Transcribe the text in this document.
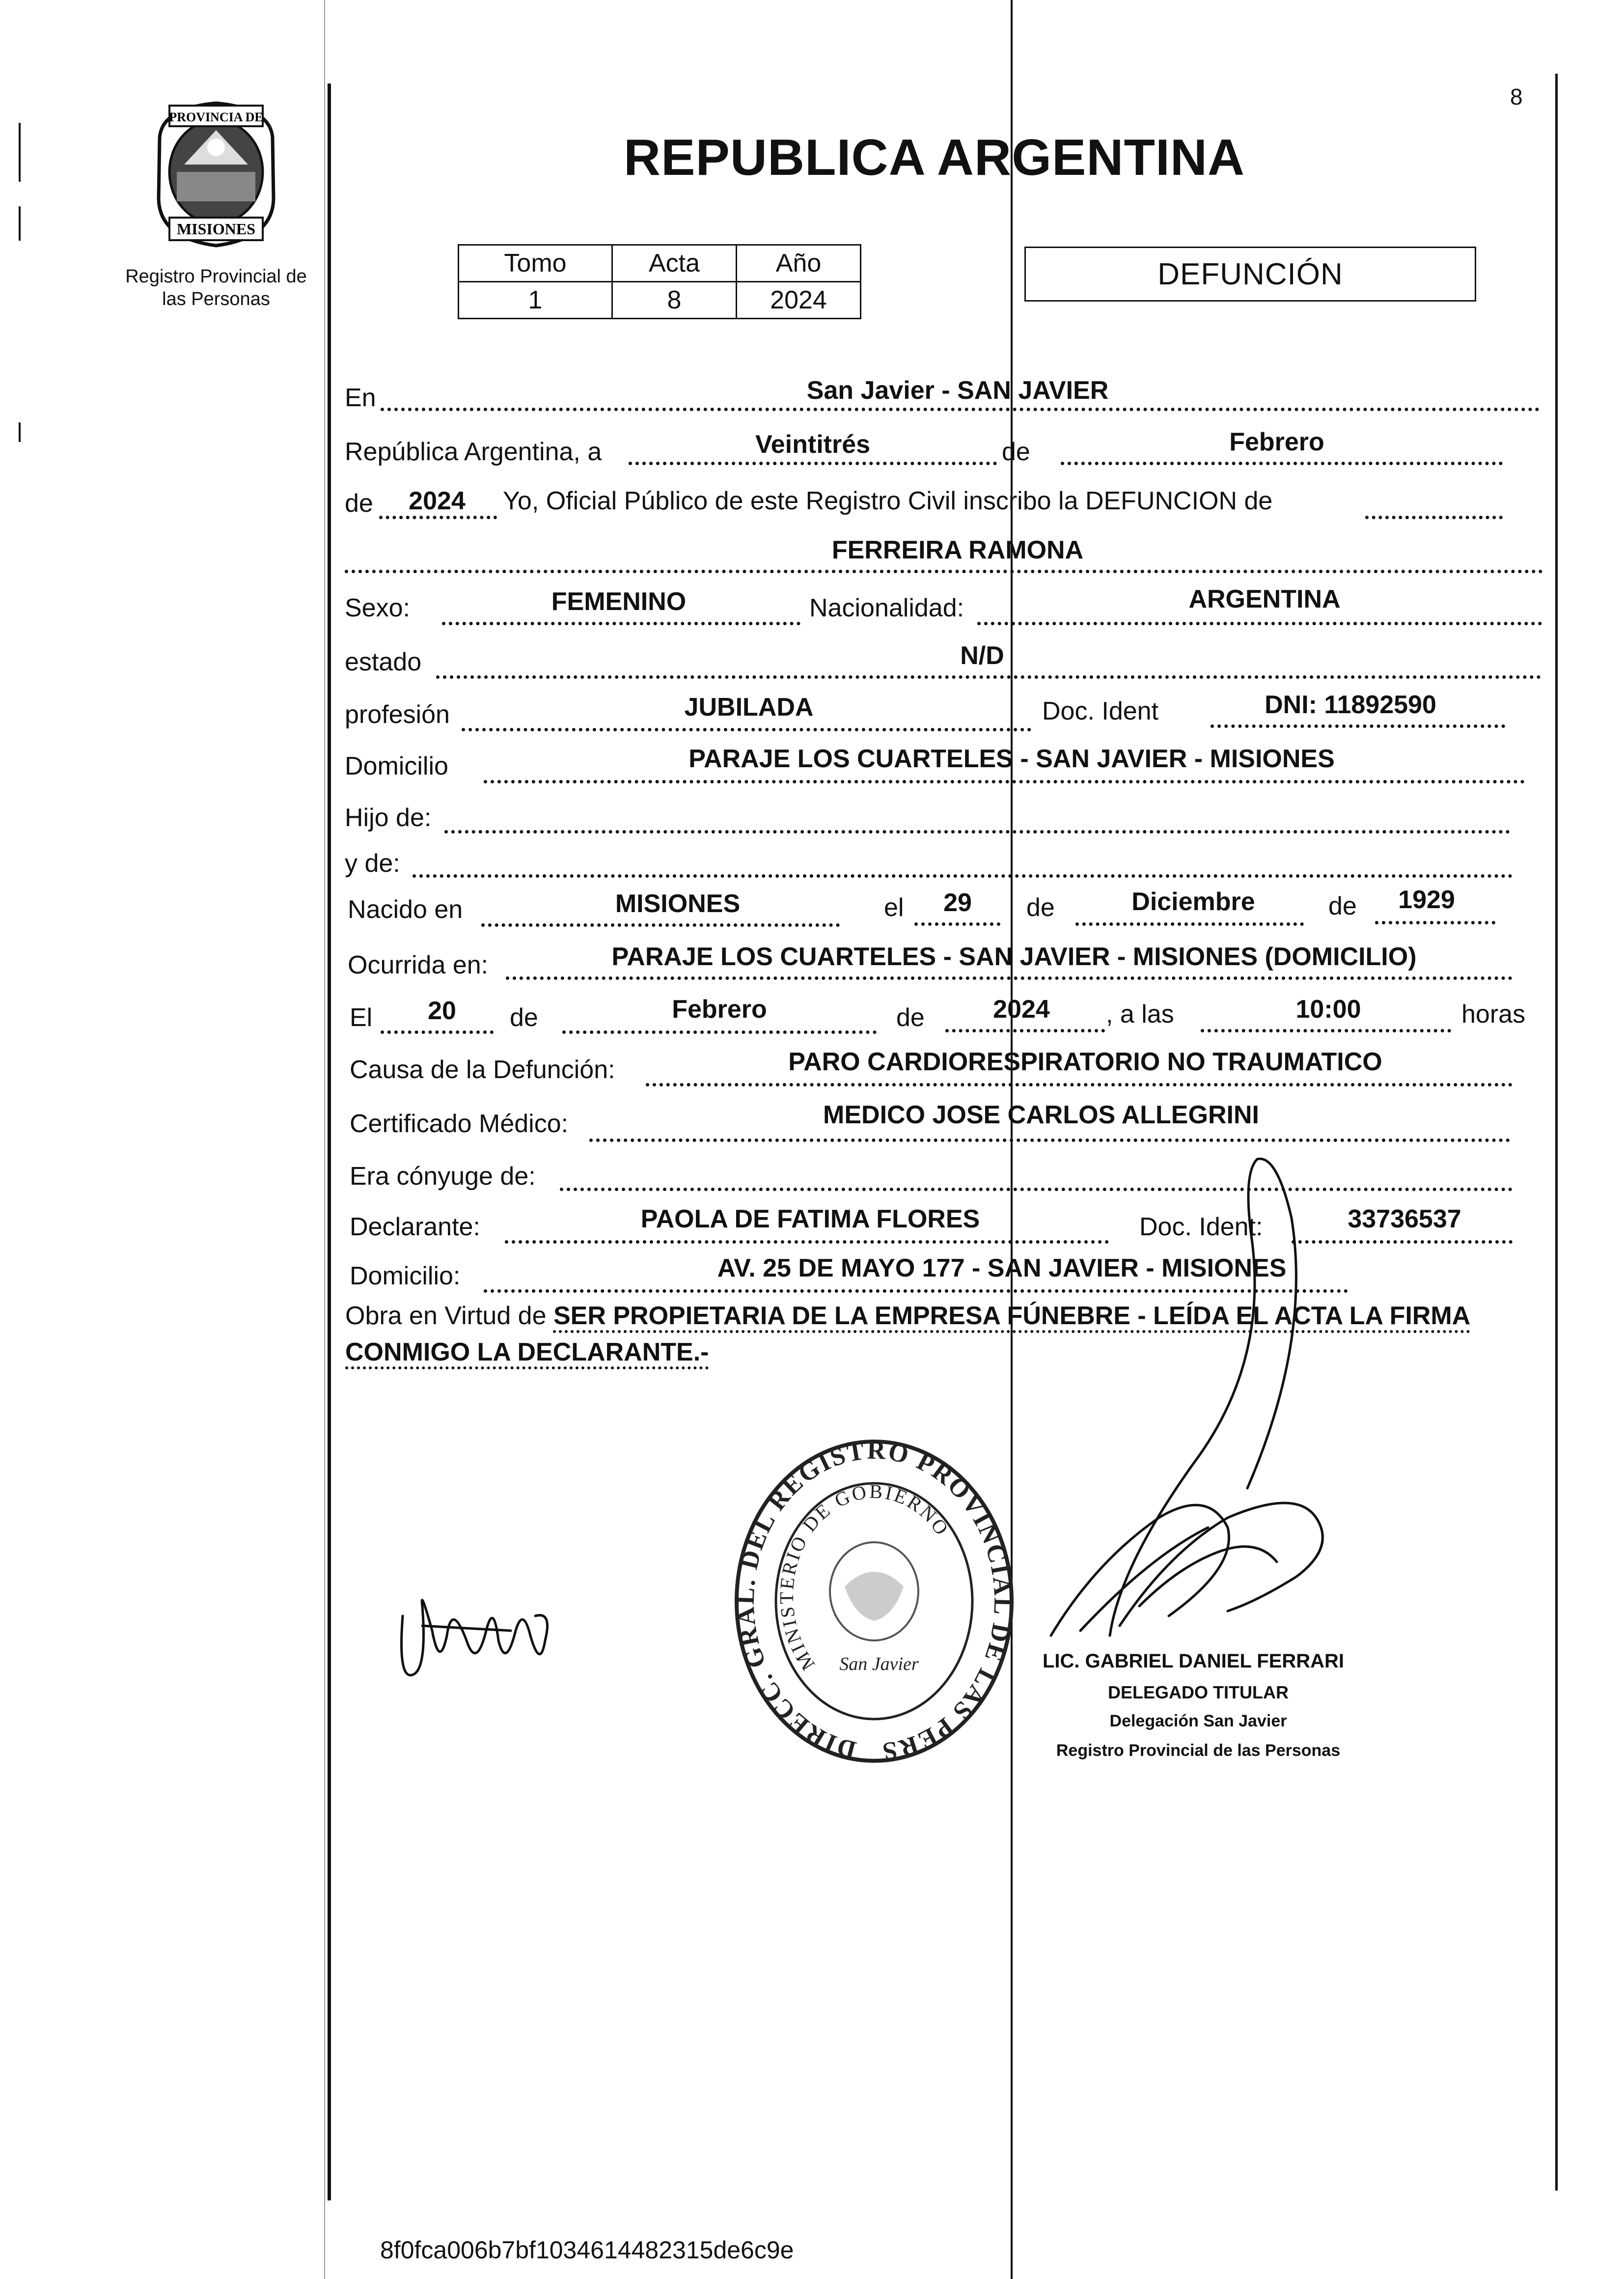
PROVINCIA DE
MISIONES
Registro Provincial de las Personas
8
REPUBLICA ARGENTINA
Tomo	Acta	Año
1	8	2024
DEFUNCIÓN
En	San Javier - SAN JAVIER
República Argentina, a	Veintitrés	de	Febrero
de	2024	Yo, Oficial Público de este Registro Civil inscribo la DEFUNCION de
FERREIRA RAMONA
Sexo:	FEMENINO	Nacionalidad:	ARGENTINA
estado	N/D
profesión	JUBILADA	Doc. Ident	DNI: 11892590
Domicilio	PARAJE LOS CUARTELES - SAN JAVIER - MISIONES
Hijo de:
y de:
Nacido en	MISIONES	el	29	de	Diciembre	de	1929
Ocurrida en:	PARAJE LOS CUARTELES - SAN JAVIER - MISIONES (DOMICILIO)
El	20	de	Febrero	de	2024	, a las	10:00	horas
Causa de la Defunción:	PARO CARDIORESPIRATORIO NO TRAUMATICO
Certificado Médico:	MEDICO JOSE CARLOS ALLEGRINI
Era cónyuge de:
Declarante:	PAOLA DE FATIMA FLORES	Doc. Ident:	33736537
Domicilio:	AV. 25 DE MAYO 177 - SAN JAVIER - MISIONES
Obra en Virtud de SER PROPIETARIA DE LA EMPRESA FÚNEBRE - LEÍDA EL ACTA LA FIRMA CONMIGO LA DECLARANTE.-
DIRECC. GRAL. DEL REGISTRO PROVINCIAL DE LAS PERS
MINISTERIO DE GOBIERNO
San Javier	LIC. GABRIEL DANIEL FERRARI
DELEGADO TITULAR
Delegación San Javier
Registro Provincial de las Personas
8f0fca006b7bf1034614482315de6c9e
